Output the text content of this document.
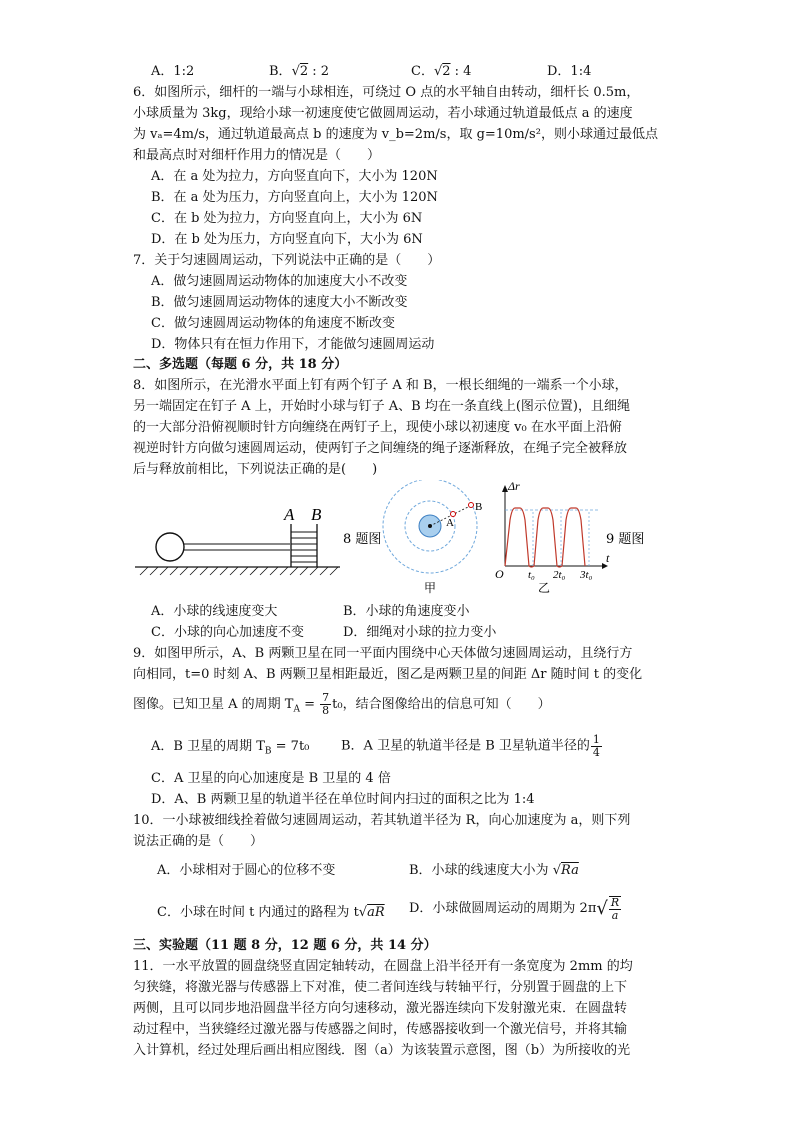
A．1:2	B．√2 : 2	C．√2 : 4	D．1:4
6．如图所示，细杆的一端与小球相连，可绕过 O 点的水平轴自由转动，细杆长 0.5m，
小球质量为 3kg，现给小球一初速度使它做圆周运动，若小球通过轨道最低点 a 的速度
为 vₐ=4m/s，通过轨道最高点 b 的速度为 v_b=2m/s，取 g=10m/s²，则小球通过最低点
和最高点时对细杆作用力的情况是（　　）
A．在 a 处为拉力，方向竖直向下，大小为 120N
B．在 a 处为压力，方向竖直向上，大小为 120N
C．在 b 处为拉力，方向竖直向上，大小为 6N
D．在 b 处为压力，方向竖直向下，大小为 6N
7．关于匀速圆周运动，下列说法中正确的是（　　）
A．做匀速圆周运动物体的加速度大小不改变
B．做匀速圆周运动物体的速度大小不断改变
C．做匀速圆周运动物体的角速度不断改变
D．物体只有在恒力作用下，才能做匀速圆周运动
二、多选题（每题 6 分，共 18 分）
8．如图所示，在光滑水平面上钉有两个钉子 A 和 B，一根长细绳的一端系一个小球，
另一端固定在钉子 A 上，开始时小球与钉子 A、B 均在一条直线上(图示位置)，且细绳
的一大部分沿俯视顺时针方向缠绕在两钉子上，现使小球以初速度 v₀ 在水平面上沿俯
视逆时针方向做匀速圆周运动，使两钉子之间缠绕的绳子逐渐释放，在绳子完全被释放
后与释放前相比，下列说法正确的是(　　)
A B
8 题图
A
B
甲
Δr
t
O t₀ 2t₀ 3t₀
乙
9 题图
A．小球的线速度变大	B．小球的角速度变小
C．小球的向心加速度不变	D．细绳对小球的拉力变小
9．如图甲所示，A、B 两颗卫星在同一平面内围绕中心天体做匀速圆周运动，且绕行方
向相同，t=0 时刻 A、B 两颗卫星相距最近，图乙是两颗卫星的间距 Δr 随时间 t 的变化
图像。已知卫星 A 的周期 $T_A = \frac{7}{8} t_0$，结合图像给出的信息可知（　　）
A．B 卫星的周期 $T_B = 7t_0$ B．A 卫星的轨道半径是 B 卫星轨道半径的 $\frac{1}{4}$
C．A 卫星的向心加速度是 B 卫星的 4 倍
D．A、B 两颗卫星的轨道半径在单位时间内扫过的面积之比为 1:4
10．一小球被细线拴着做匀速圆周运动，若其轨道半径为 R，向心加速度为 a，则下列
说法正确的是（　　）
A．小球相对于圆心的位移不变	B．小球的线速度大小为 √Ra
C．小球在时间 t 内通过的路程为 t√aR D．小球做圆周运动的周期为 $2\pi√ \frac{R}{a}$
三、实验题（11 题 8 分，12 题 6 分，共 14 分）
11．一水平放置的圆盘绕竖直固定轴转动，在圆盘上沿半径开有一条宽度为 2mm 的均
匀狭缝，将激光器与传感器上下对准，使二者间连线与转轴平行，分别置于圆盘的上下
两侧，且可以同步地沿圆盘半径方向匀速移动，激光器连续向下发射激光束．在圆盘转
动过程中，当狭缝经过激光器与传感器之间时，传感器接收到一个激光信号，并将其输
入计算机，经过处理后画出相应图线．图（a）为该装置示意图，图（b）为所接收的光
